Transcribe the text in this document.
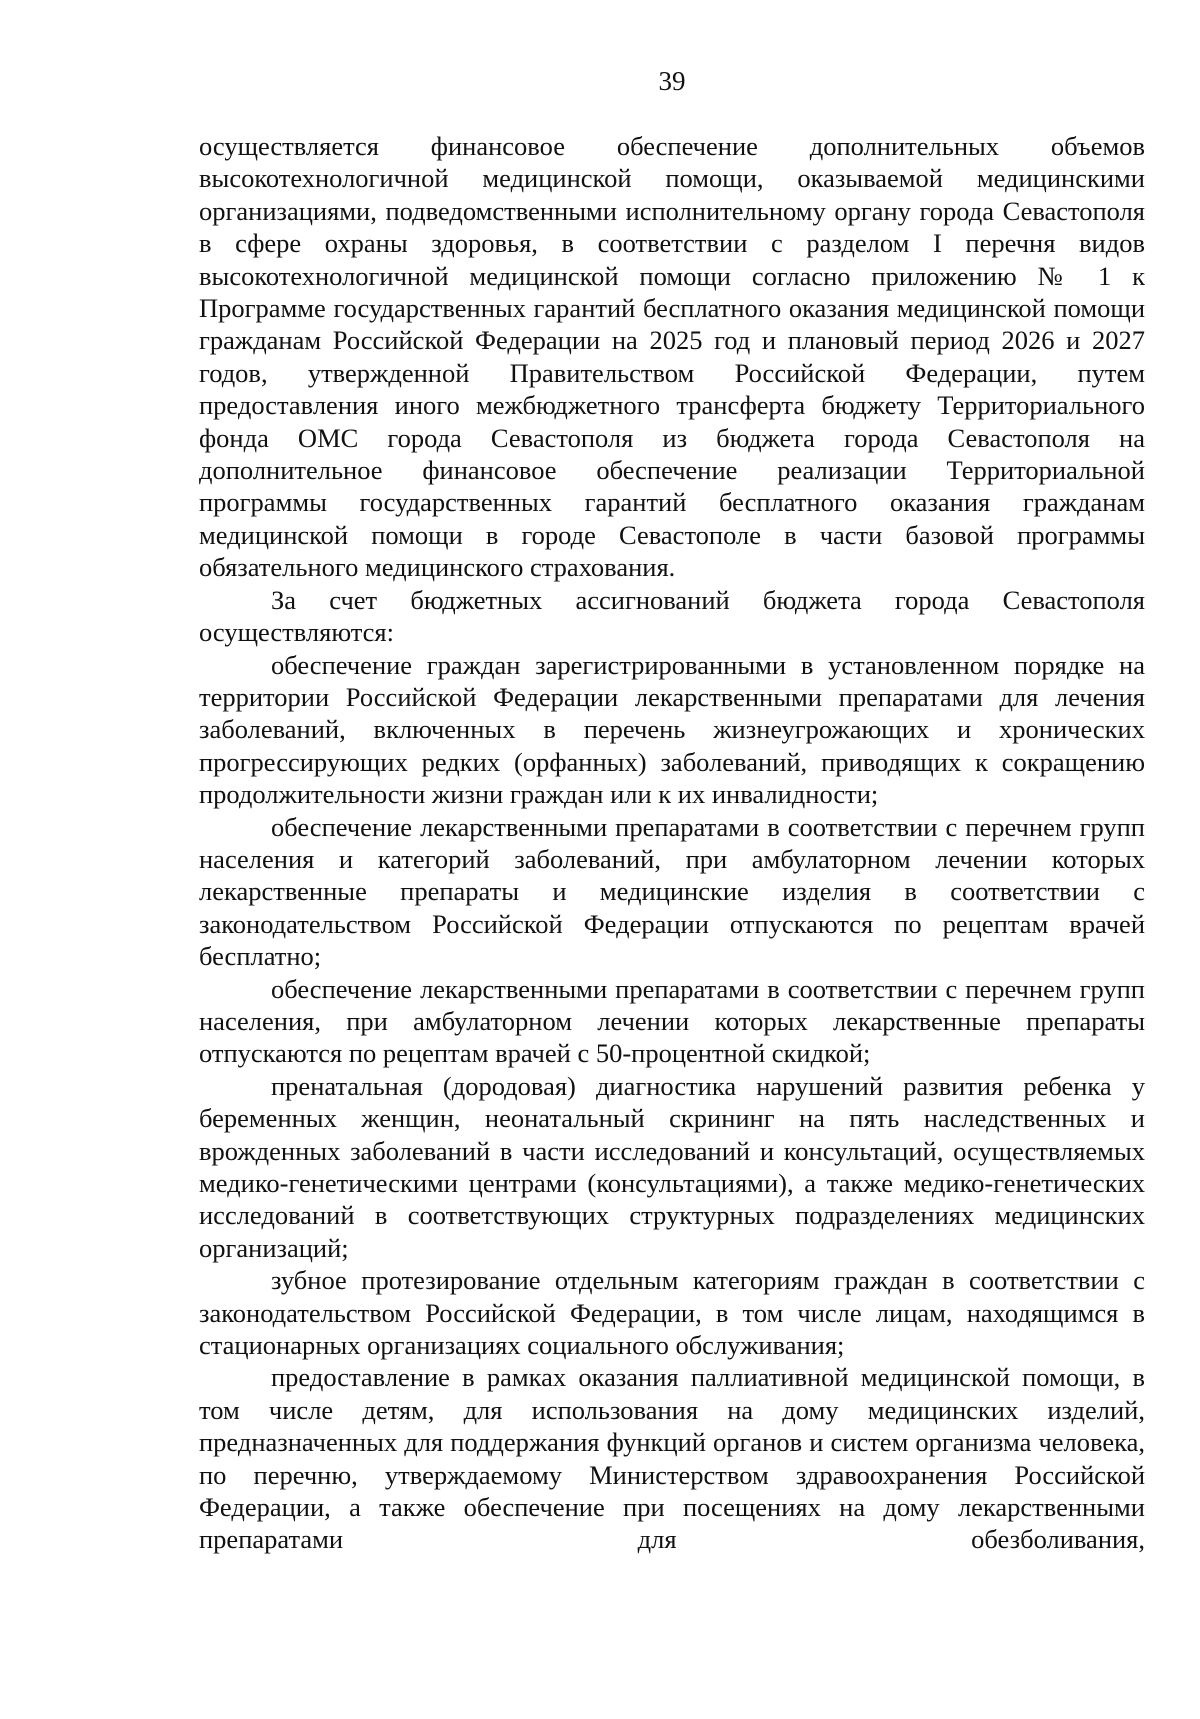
39

осуществляется финансовое обеспечение дополнительных объемов высокотехнологичной медицинской помощи, оказываемой медицинскими организациями, подведомственными исполнительному органу города Севастополя в сфере охраны здоровья, в соответствии с разделом I перечня видов высокотехнологичной медицинской помощи согласно приложению № 1 к Программе государственных гарантий бесплатного оказания медицинской помощи гражданам Российской Федерации на 2025 год и плановый период 2026 и 2027 годов, утвержденной Правительством Российской Федерации, путем предоставления иного межбюджетного трансферта бюджету Территориального фонда ОМС города Севастополя из бюджета города Севастополя на дополнительное финансовое обеспечение реализации Территориальной программы государственных гарантий бесплатного оказания гражданам медицинской помощи в городе Севастополе в части базовой программы обязательного медицинского страхования.

За счет бюджетных ассигнований бюджета города Севастополя осуществляются:

обеспечение граждан зарегистрированными в установленном порядке на территории Российской Федерации лекарственными препаратами для лечения заболеваний, включенных в перечень жизнеугрожающих и хронических прогрессирующих редких (орфанных) заболеваний, приводящих к сокращению продолжительности жизни граждан или к их инвалидности;

обеспечение лекарственными препаратами в соответствии с перечнем групп населения и категорий заболеваний, при амбулаторном лечении которых лекарственные препараты и медицинские изделия в соответствии с законодательством Российской Федерации отпускаются по рецептам врачей бесплатно;

обеспечение лекарственными препаратами в соответствии с перечнем групп населения, при амбулаторном лечении которых лекарственные препараты отпускаются по рецептам врачей с 50-процентной скидкой;

пренатальная (дородовая) диагностика нарушений развития ребенка у беременных женщин, неонатальный скрининг на пять наследственных и врожденных заболеваний в части исследований и консультаций, осуществляемых медико-генетическими центрами (консультациями), а также медико-генетических исследований в соответствующих структурных подразделениях медицинских организаций;

зубное протезирование отдельным категориям граждан в соответствии с законодательством Российской Федерации, в том числе лицам, находящимся в стационарных организациях социального обслуживания;

предоставление в рамках оказания паллиативной медицинской помощи, в том числе детям, для использования на дому медицинских изделий, предназначенных для поддержания функций органов и систем организма человека, по перечню, утверждаемому Министерством здравоохранения Российской Федерации, а также обеспечение при посещениях на дому лекарственными препаратами для обезболивания,
